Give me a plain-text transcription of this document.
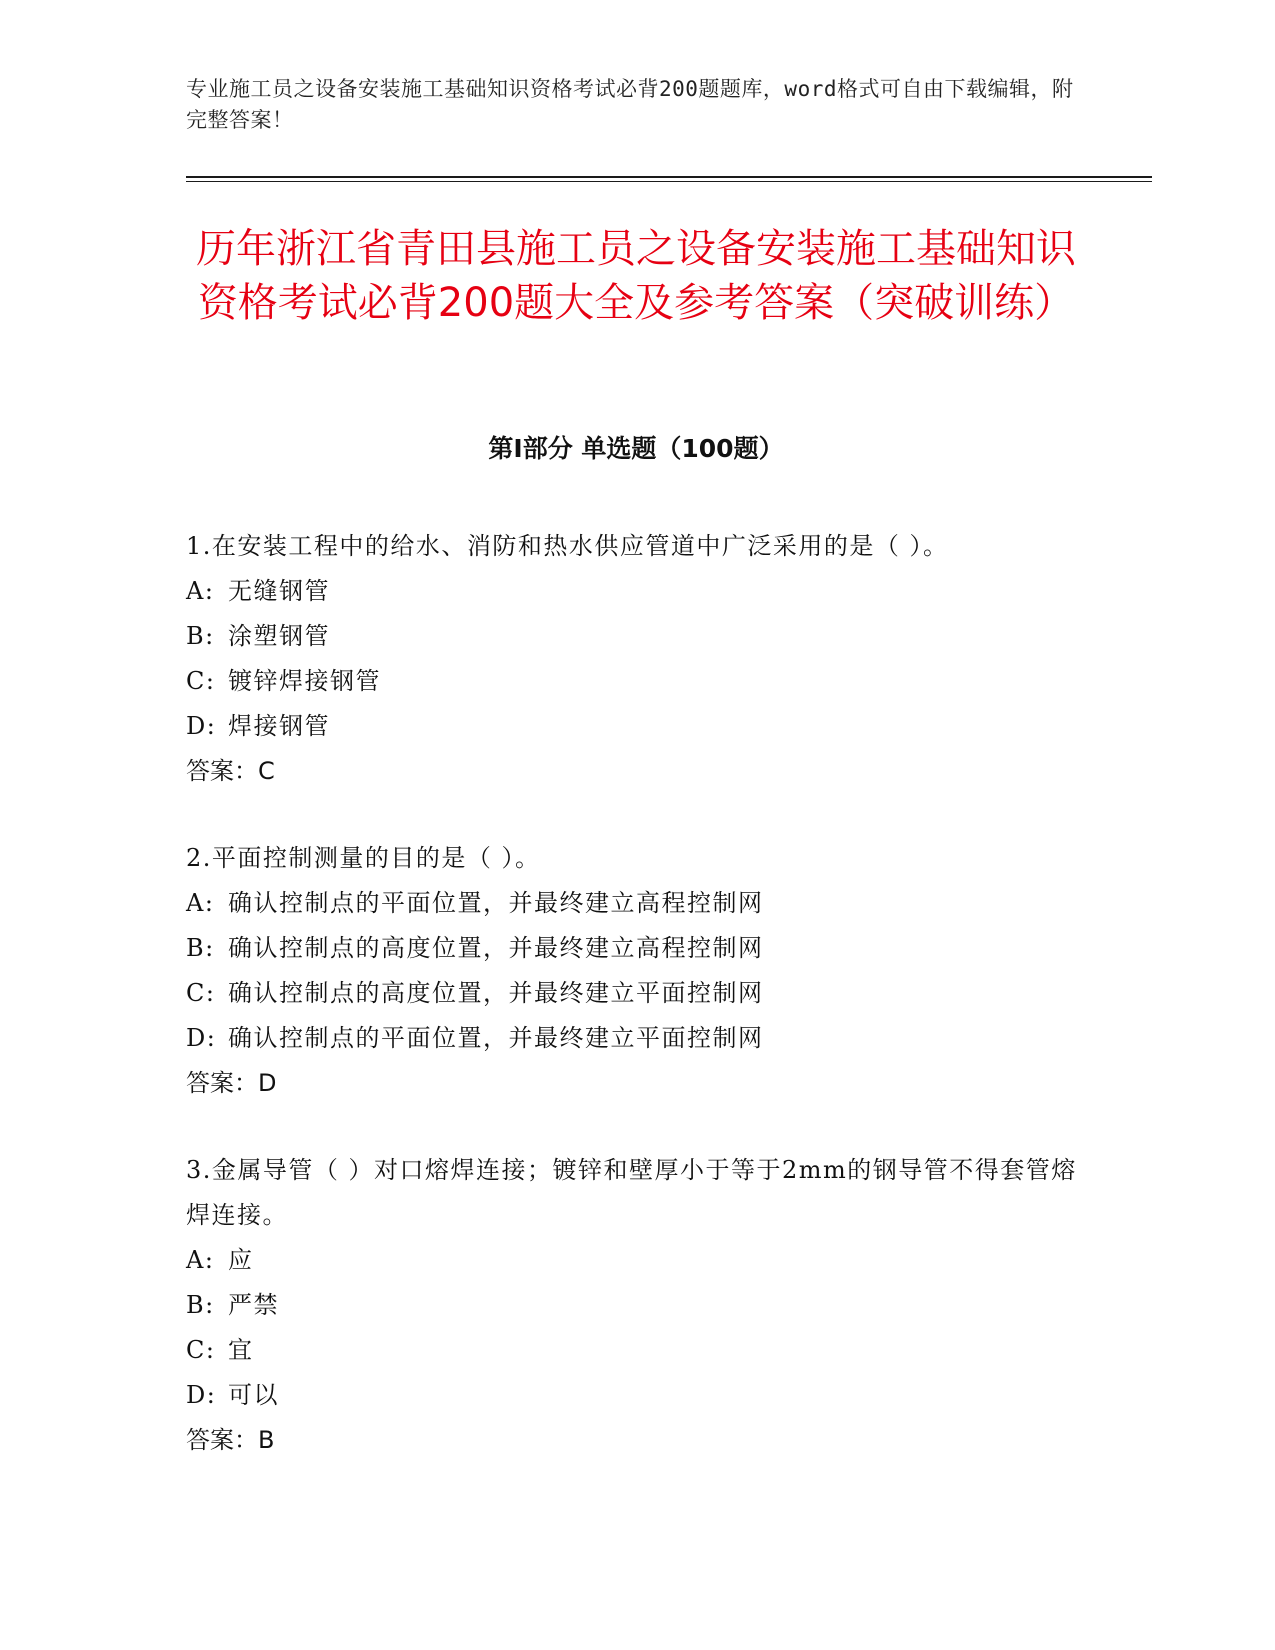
专业施工员之设备安装施工基础知识资格考试必背200题题库，word格式可自由下载编辑，附完整答案！
历年浙江省青田县施工员之设备安装施工基础知识资格考试必背200题大全及参考答案（突破训练）
第I部分 单选题（100题）

1.在安装工程中的给水、消防和热水供应管道中广泛采用的是（ ）。

A: 无缝钢管
B: 涂塑钢管
C: 镀锌焊接钢管
D: 焊接钢管

答案：C

2.平面控制测量的目的是（ ）。

A: 确认控制点的平面位置，并最终建立高程控制网
B: 确认控制点的高度位置，并最终建立高程控制网
C: 确认控制点的高度位置，并最终建立平面控制网
D: 确认控制点的平面位置，并最终建立平面控制网

答案：D

3.金属导管（ ）对口熔焊连接；镀锌和壁厚小于等于2mm的钢导管不得套管熔焊连接。

A: 应
B: 严禁
C: 宜
D: 可以

答案：B
